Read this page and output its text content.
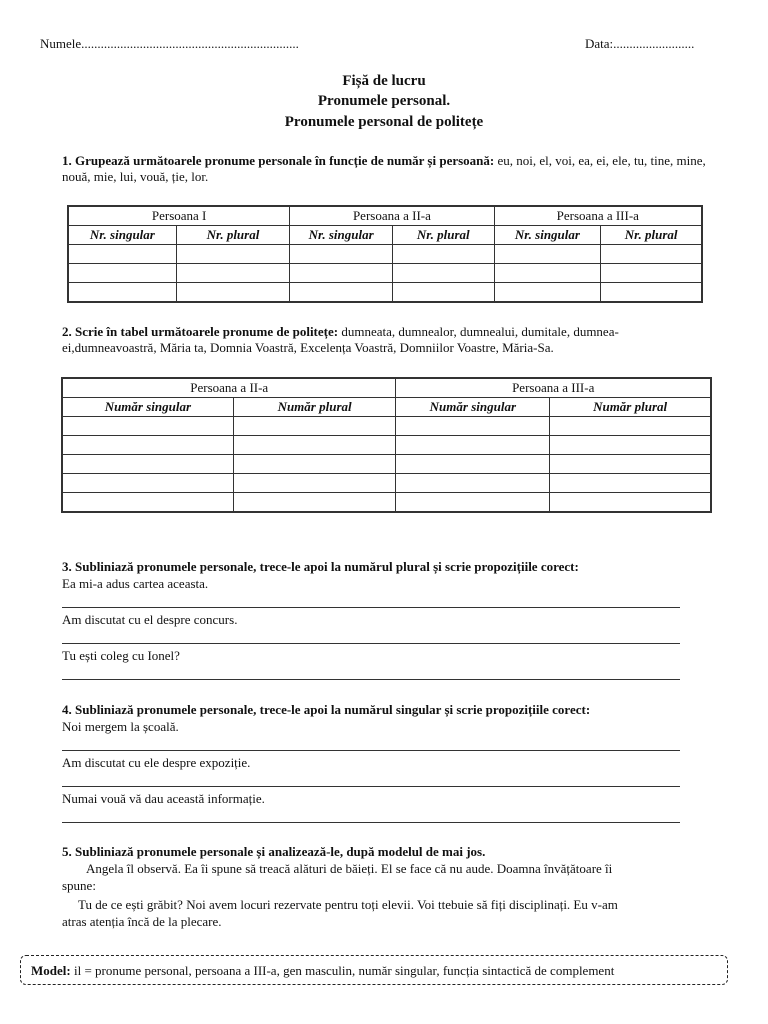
Numele...................................................................	Data:.........................
Fișă de lucru
Pronumele personal.
Pronumele personal de politețe
1. Grupează următoarele pronume personale în funcție de număr și persoană: eu, noi, el, voi, ea, ei, ele, tu, tine, mine, nouă, mie, lui, vouă, ție, lor.
Persoana I		Persoana a II-a		Persoana a III-a	
Nr. singular	Nr. plural	Nr. singular	Nr. plural	Nr. singular	Nr. plural

2. Scrie în tabel următoarele pronume de politețe: dumneata, dumnealor, dumnealui, dumitale, dumnea-ei,dumneavoastră, Măria ta, Domnia Voastră, Excelența Voastră, Domniilor Voastre, Măria-Sa.
Persoana a II-a		Persoana a III-a	
Număr singular	Număr plural	Număr singular	Număr plural

3. Subliniază pronumele personale, trece-le apoi la numărul plural și scrie propozițiile corect:
Ea mi-a adus cartea aceasta.
Am discutat cu el despre concurs.
Tu ești coleg cu Ionel?
4. Subliniază pronumele personale, trece-le apoi la numărul singular și scrie propozițiile corect:
Noi mergem la școală.
Am discutat cu ele despre expoziție.
Numai vouă vă dau această informație.
5. Subliniază pronumele personale și analizează-le, după modelul de mai jos.
Angela îl observă. Ea îi spune să treacă alături de băieți. El se face că nu aude. Doamna învățătoare îi
spune:
Tu de ce ești grăbit? Noi avem locuri rezervate pentru toți elevii. Voi ttebuie să fiți disciplinați. Eu v-am
atras atenția încă de la plecare.
Model: il = pronume personal, persoana a III-a, gen masculin, număr singular, funcția sintactică de complement
